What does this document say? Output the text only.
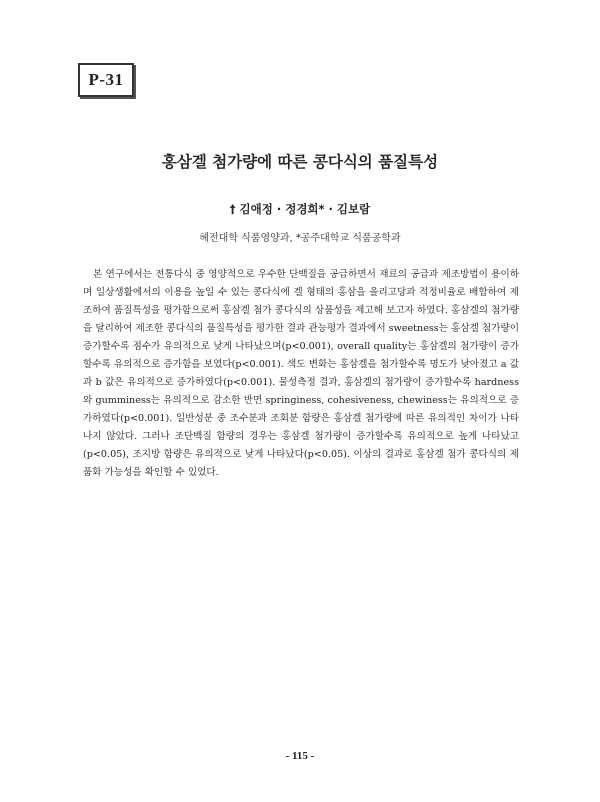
P-31
홍삼겔 첨가량에 따른 콩다식의 품질특성
† 김애정 · 정경희* · 김보람
혜전대학 식품영양과, *공주대학교 식품공학과

본 연구에서는 전통다식 중 영양적으로 우수한 단백질을 공급하면서 재료의 공급과 제조방법이 용이하며 일상생활에서의 이용을 높일 수 있는 콩다식에 겔 형태의 홍삼을 올리고당과 적정비율로 배합하여 제조하여 품질특성을 평가함으로써 홍삼겔 첨가 콩다식의 상품성을 제고해 보고자 하였다. 홍삼겔의 첨가량을 달리하여 제조한 콩다식의 품질특성을 평가한 결과 관능평가 결과에서 sweetness는 홍삼겔 첨가량이 증가할수록 점수가 유의적으로 낮게 나타났으며(p<0.001), overall quality는 홍삼겔의 첨가량이 증가할수록 유의적으로 증가함을 보였다(p<0.001). 색도 변화는 홍삼겔을 첨가할수록 명도가 낮아졌고 a 값과 b 값은 유의적으로 증가하였다(p<0.001). 물성측정 결과, 홍삼겔의 첨가량이 증가할수록 hardness와 gumminess는 유의적으로 감소한 반면 springiness, cohesiveness, chewiness는 유의적으로 증가하였다(p<0.001). 일반성분 중 조수분과 조회분 함량은 홍삼겔 첨가량에 따른 유의적인 차이가 나타나지 않았다. 그러나 조단백질 함량의 경우는 홍삼겔 첨가량이 증가할수록 유의적으로 높게 나타났고(p<0.05), 조지방 함량은 유의적으로 낮게 나타났다(p<0.05). 이상의 결과로 홍삼겔 첨가 콩다식의 제품화 가능성을 확인할 수 있었다.

- 115 -
